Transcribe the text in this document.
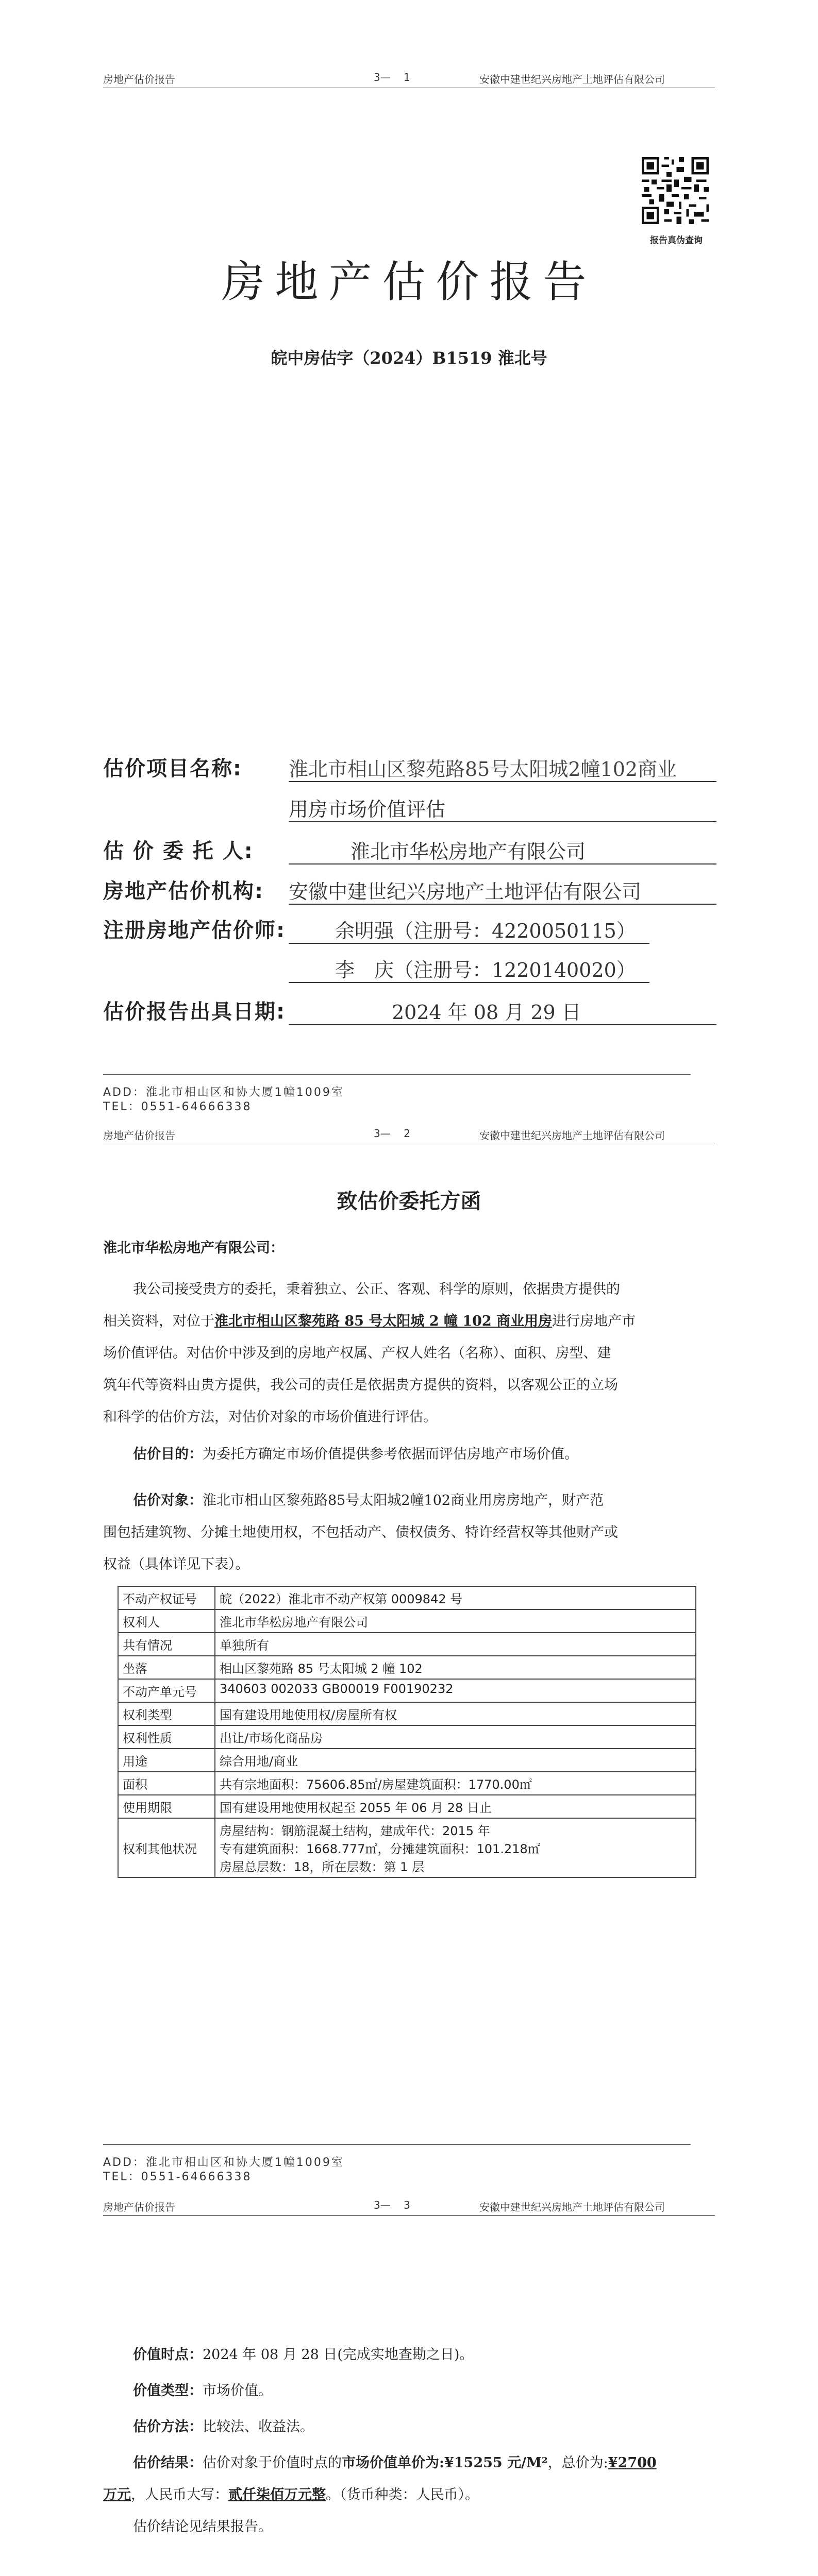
房地产估价报告	3— 1	安徽中建世纪兴房地产土地评估有限公司
报告真伪查询
房地产估价报告
皖中房估字（2024）B1519 淮北号
估价项目名称: 淮北市相山区黎苑路85号太阳城2幢102商业
用房市场价值评估
估 价 委 托 人:	淮北市华松房地产有限公司
房地产估价机构: 安徽中建世纪兴房地产土地评估有限公司
注册房地产估价师:	余明强（注册号：4220050115）
李　庆（注册号：1220140020）
估价报告出具日期:	2024 年 08 月 29 日
ADD：淮北市相山区和协大厦1幢1009室
TEL：0551-64666338
房地产估价报告	3— 2	安徽中建世纪兴房地产土地评估有限公司
致估价委托方函
淮北市华松房地产有限公司：
我公司接受贵方的委托，秉着独立、公正、客观、科学的原则，依据贵方提供的
相关资料，对位于淮北市相山区黎苑路 85 号太阳城 2 幢 102 商业用房进行房地产市
场价值评估。对估价中涉及到的房地产权属、产权人姓名（名称）、面积、房型、建
筑年代等资料由贵方提供，我公司的责任是依据贵方提供的资料，以客观公正的立场
和科学的估价方法，对估价对象的市场价值进行评估。
估价目的：为委托方确定市场价值提供参考依据而评估房地产市场价值。
估价对象：淮北市相山区黎苑路85号太阳城2幢102商业用房房地产，财产范
围包括建筑物、分摊土地使用权，不包括动产、债权债务、特许经营权等其他财产或
权益（具体详见下表）。
不动产权证号	皖（2022）淮北市不动产权第 0009842 号
权利人	淮北市华松房地产有限公司
共有情况	单独所有
坐落	相山区黎苑路 85 号太阳城 2 幢 102
不动产单元号	340603 002033 GB00019 F00190232
权利类型	国有建设用地使用权/房屋所有权
权利性质	出让/市场化商品房
用途	综合用地/商业
面积	共有宗地面积：75606.85㎡/房屋建筑面积：1770.00㎡
使用期限	国有建设用地使用权起至 2055 年 06 月 28 日止
权利其他状况	房屋结构：钢筋混凝土结构，建成年代：2015 年
专有建筑面积：1668.777㎡，分摊建筑面积：101.218㎡
房屋总层数：18，所在层数：第 1 层
ADD：淮北市相山区和协大厦1幢1009室
TEL：0551-64666338
房地产估价报告	3— 3	安徽中建世纪兴房地产土地评估有限公司
价值时点：2024 年 08 月 28 日(完成实地查勘之日)。
价值类型：市场价值。
估价方法：比较法、收益法。
估价结果：估价对象于价值时点的市场价值单价为:¥15255 元/M²，总价为:¥2700
万元，人民币大写：贰仟柒佰万元整。（货币种类：人民币）。
估价结论见结果报告。
